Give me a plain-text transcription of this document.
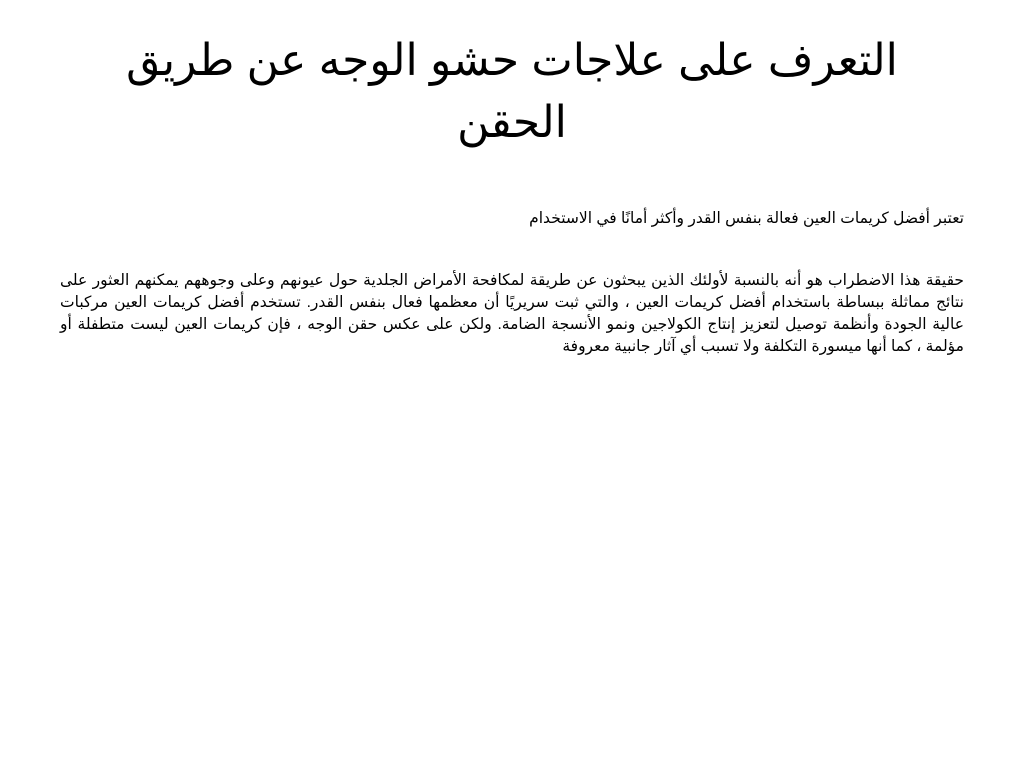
التعرف على علاجات حشو الوجه عن طريق الحقن

تعتبر أفضل كريمات العين فعالة بنفس القدر وأكثر أمانًا في الاستخدام

حقيقة هذا الاضطراب هو أنه بالنسبة لأولئك الذين يبحثون عن طريقة لمكافحة الأمراض الجلدية حول عيونهم وعلى وجوههم يمكنهم العثور على نتائج مماثلة ببساطة باستخدام أفضل كريمات العين ، والتي ثبت سريريًا أن معظمها فعال بنفس القدر. تستخدم أفضل كريمات العين مركبات عالية الجودة وأنظمة توصيل لتعزيز إنتاج الكولاجين ونمو الأنسجة الضامة. ولكن على عكس حقن الوجه ، فإن كريمات العين ليست متطفلة أو مؤلمة ، كما أنها ميسورة التكلفة ولا تسبب أي آثار جانبية معروفة
